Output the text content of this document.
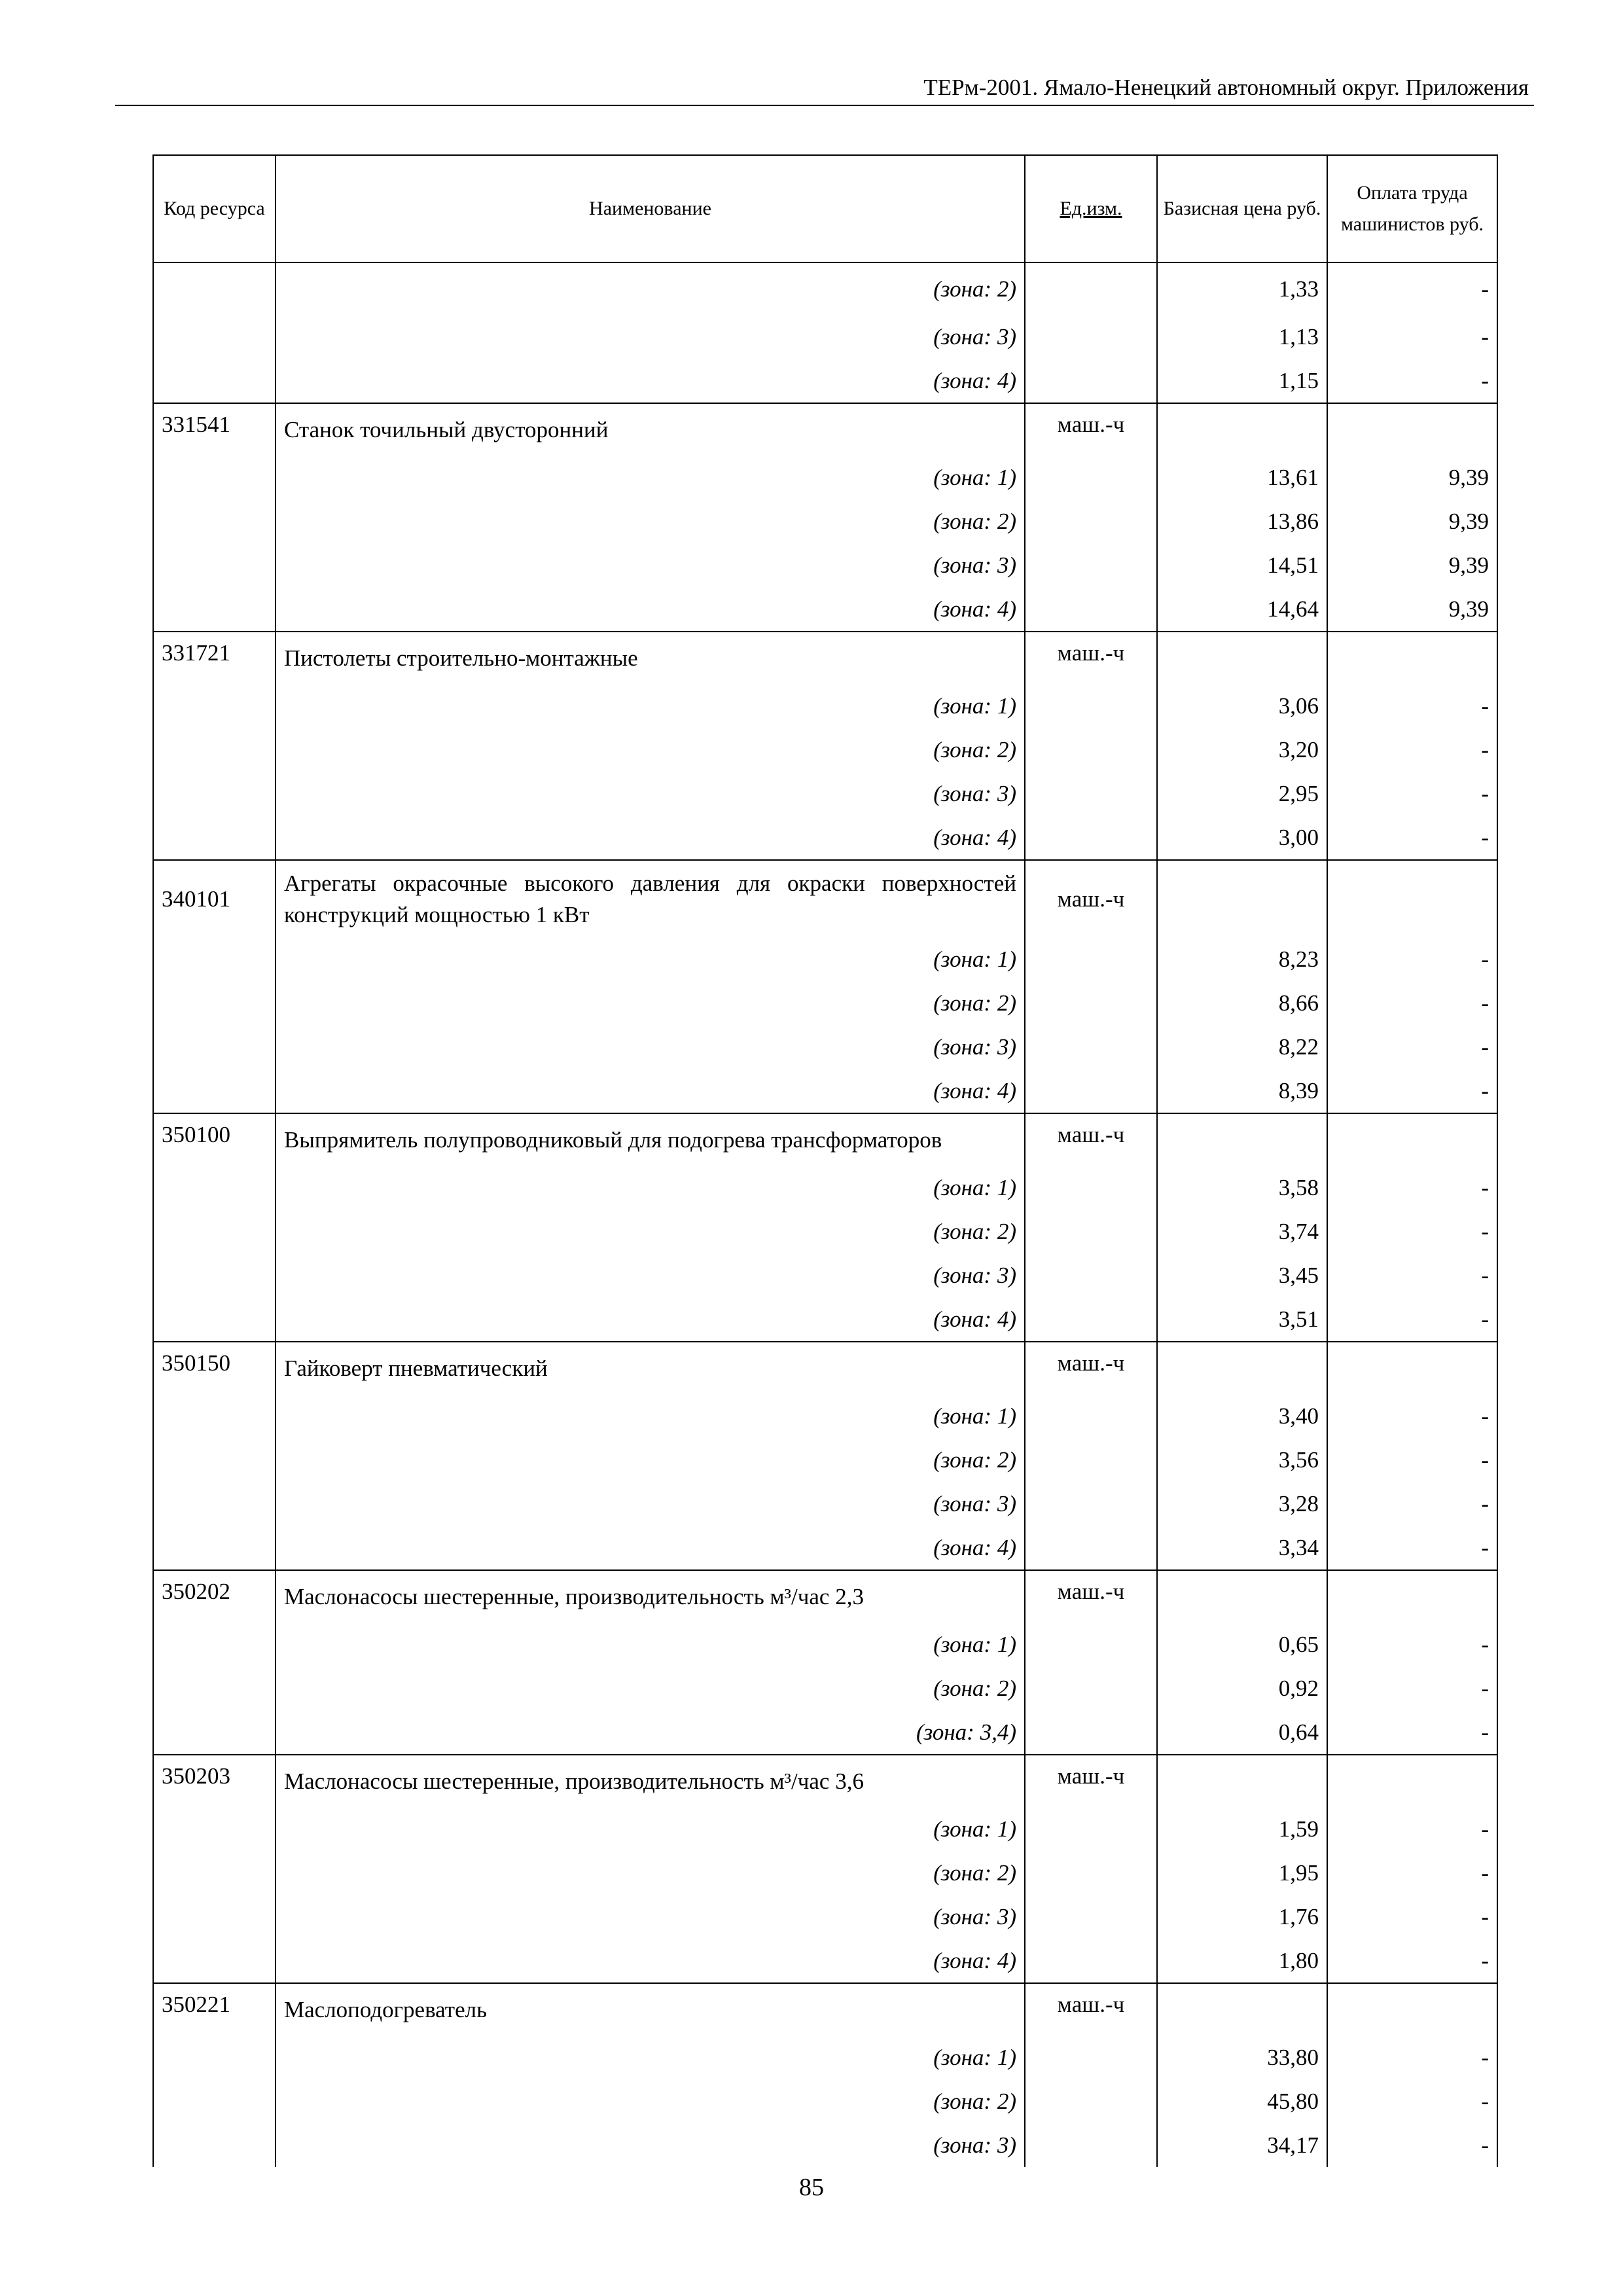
ТЕРм-2001. Ямало-Ненецкий автономный округ. Приложения
Код ресурса	Наименование	Ед.изм.	Базисная цена руб.	Оплата труда машинистов руб.
	(зона: 2)		1,33	-
	(зона: 3)		1,13	-
	(зона: 4)		1,15	-
331541	Станок точильный двусторонний	маш.-ч		
	(зона: 1)		13,61	9,39
	(зона: 2)		13,86	9,39
	(зона: 3)		14,51	9,39
	(зона: 4)		14,64	9,39
331721	Пистолеты строительно-монтажные	маш.-ч		
	(зона: 1)		3,06	-
	(зона: 2)		3,20	-
	(зона: 3)		2,95	-
	(зона: 4)		3,00	-
340101	Агрегаты окрасочные высокого давления для окраски поверхностей конструкций мощностью 1 кВт	маш.-ч		
	(зона: 1)		8,23	-
	(зона: 2)		8,66	-
	(зона: 3)		8,22	-
	(зона: 4)		8,39	-
350100	Выпрямитель полупроводниковый для подогрева трансформаторов	маш.-ч		
	(зона: 1)		3,58	-
	(зона: 2)		3,74	-
	(зона: 3)		3,45	-
	(зона: 4)		3,51	-
350150	Гайковерт пневматический	маш.-ч		
	(зона: 1)		3,40	-
	(зона: 2)		3,56	-
	(зона: 3)		3,28	-
	(зона: 4)		3,34	-
350202	Маслонасосы шестеренные, производительность м³/час 2,3	маш.-ч		
	(зона: 1)		0,65	-
	(зона: 2)		0,92	-
	(зона: 3,4)		0,64	-
350203	Маслонасосы шестеренные, производительность м³/час 3,6	маш.-ч		
	(зона: 1)		1,59	-
	(зона: 2)		1,95	-
	(зона: 3)		1,76	-
	(зона: 4)		1,80	-
350221	Маслоподогреватель	маш.-ч		
	(зона: 1)		33,80	-
	(зона: 2)		45,80	-
	(зона: 3)		34,17	-
85
